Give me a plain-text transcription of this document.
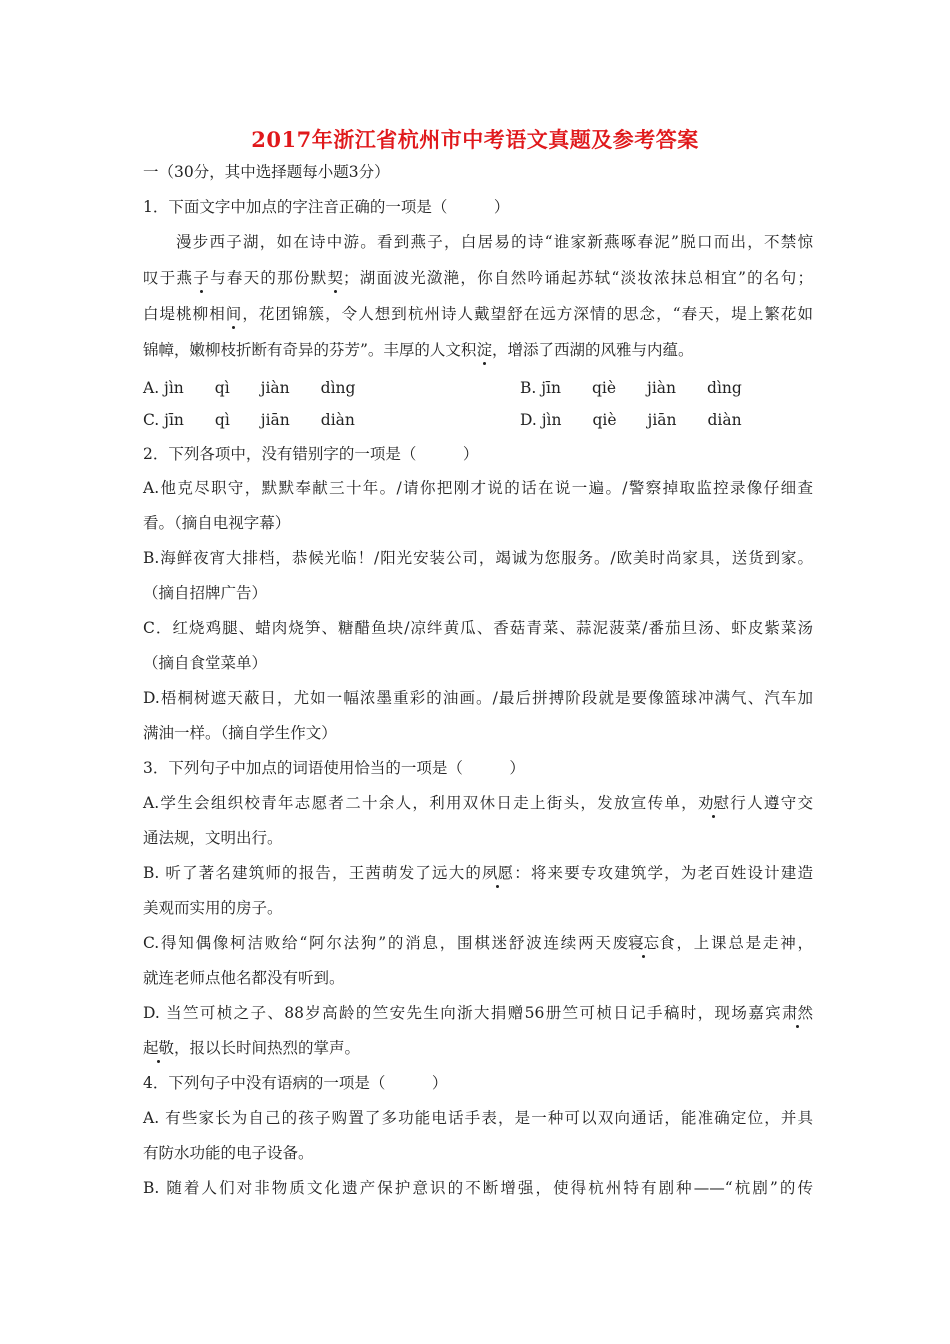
2017年浙江省杭州市中考语文真题及参考答案
一（30分，其中选择题每小题3分）
1．下面文字中加点的字注音正确的一项是（　　　）
漫步西子湖，如在诗中游。看到燕子，白居易的诗“谁家新燕啄春泥”脱口而出，不禁惊
叹于燕子与春天的那份默契；湖面波光潋滟，你自然吟诵起苏轼“淡妆浓抹总相宜”的名句；
白堤桃柳相间，花团锦簇，令人想到杭州诗人戴望舒在远方深情的思念，“春天，堤上繁花如
锦幛，嫩柳枝折断有奇异的芬芳”。丰厚的人文积淀，增添了西湖的风雅与内蕴。
A. jìn　　qì　　jiàn　　dìng	B. jīn　　qiè　　jiàn　　dìng
C. jīn　　qì　　jiān　　diàn	D. jìn　　qiè　　jiān　　diàn
2．下列各项中，没有错别字的一项是（　　　）
A.他克尽职守，默默奉献三十年。/请你把刚才说的话在说一遍。/警察掉取监控录像仔细查
看。（摘自电视字幕）
B.海鲜夜宵大排档，恭候光临！/阳光安装公司，竭诚为您服务。/欧美时尚家具，送货到家。
（摘自招牌广告）
C．红烧鸡腿、蜡肉烧笋、糖醋鱼块/凉绊黄瓜、香菇青菜、蒜泥菠菜/番茄旦汤、虾皮紫菜汤
（摘自食堂菜单）
D.梧桐树遮天蔽日，尤如一幅浓墨重彩的油画。/最后拼搏阶段就是要像篮球冲满气、汽车加
满油一样。（摘自学生作文）
3．下列句子中加点的词语使用恰当的一项是（　　　）
A.学生会组织校青年志愿者二十余人，利用双休日走上街头，发放宣传单，劝慰行人遵守交
通法规，文明出行。
B. 听了著名建筑师的报告，王茜萌发了远大的夙愿：将来要专攻建筑学，为老百姓设计建造
美观而实用的房子。
C.得知偶像柯洁败给“阿尔法狗”的消息，围棋迷舒波连续两天废寝忘食，上课总是走神，
就连老师点他名都没有听到。
D. 当竺可桢之子、88岁高龄的竺安先生向浙大捐赠56册竺可桢日记手稿时，现场嘉宾肃然
起敬，报以长时间热烈的掌声。
4．下列句子中没有语病的一项是（　　　）
A. 有些家长为自己的孩子购置了多功能电话手表，是一种可以双向通话，能准确定位，并具
有防水功能的电子设备。
B. 随着人们对非物质文化遗产保护意识的不断增强，使得杭州特有剧种——“杭剧”的传
